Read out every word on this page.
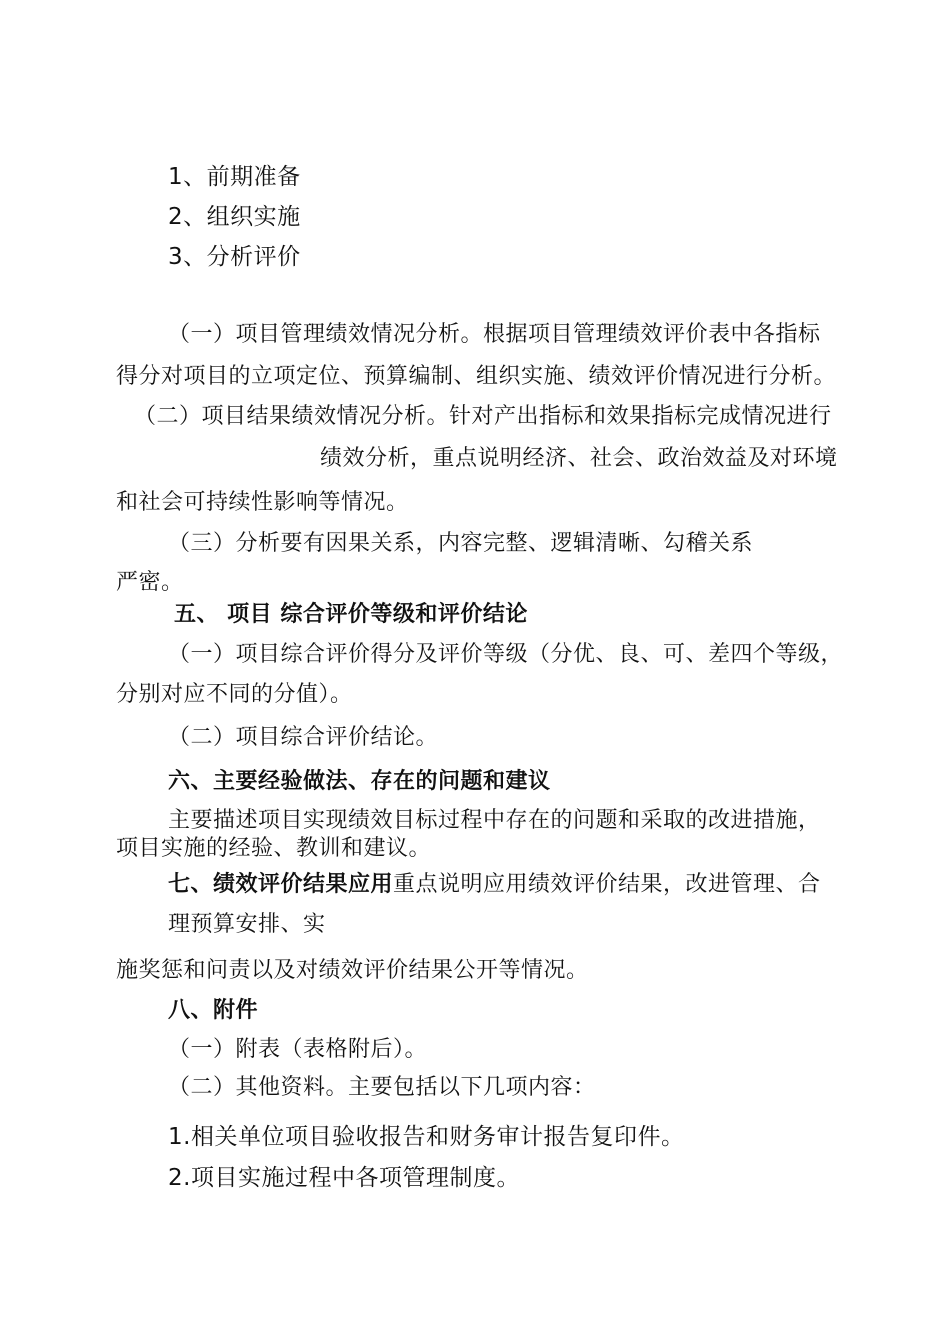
1、前期准备
2、组织实施
3、分析评价
（一）项目管理绩效情况分析。根据项目管理绩效评价表中各指标
得分对项目的立项定位、预算编制、组织实施、绩效评价情况进行分析。
（二）项目结果绩效情况分析。针对产出指标和效果指标完成情况进行
绩效分析，重点说明经济、社会、政治效益及对环境
和社会可持续性影响等情况。
（三）分析要有因果关系，内容完整、逻辑清晰、勾稽关系
严密。
五、 项目 综合评价等级和评价结论
（一）项目综合评价得分及评价等级（分优、良、可、差四个等级，
分别对应不同的分值）。
（二）项目综合评价结论。
六、主要经验做法、存在的问题和建议
主要描述项目实现绩效目标过程中存在的问题和采取的改进措施，
项目实施的经验、教训和建议。
七、绩效评价结果应用重点说明应用绩效评价结果，改进管理、合
理预算安排、实
施奖惩和问责以及对绩效评价结果公开等情况。
八、附件
（一）附表（表格附后）。
（二）其他资料。主要包括以下几项内容：
1.相关单位项目验收报告和财务审计报告复印件。
2.项目实施过程中各项管理制度。
